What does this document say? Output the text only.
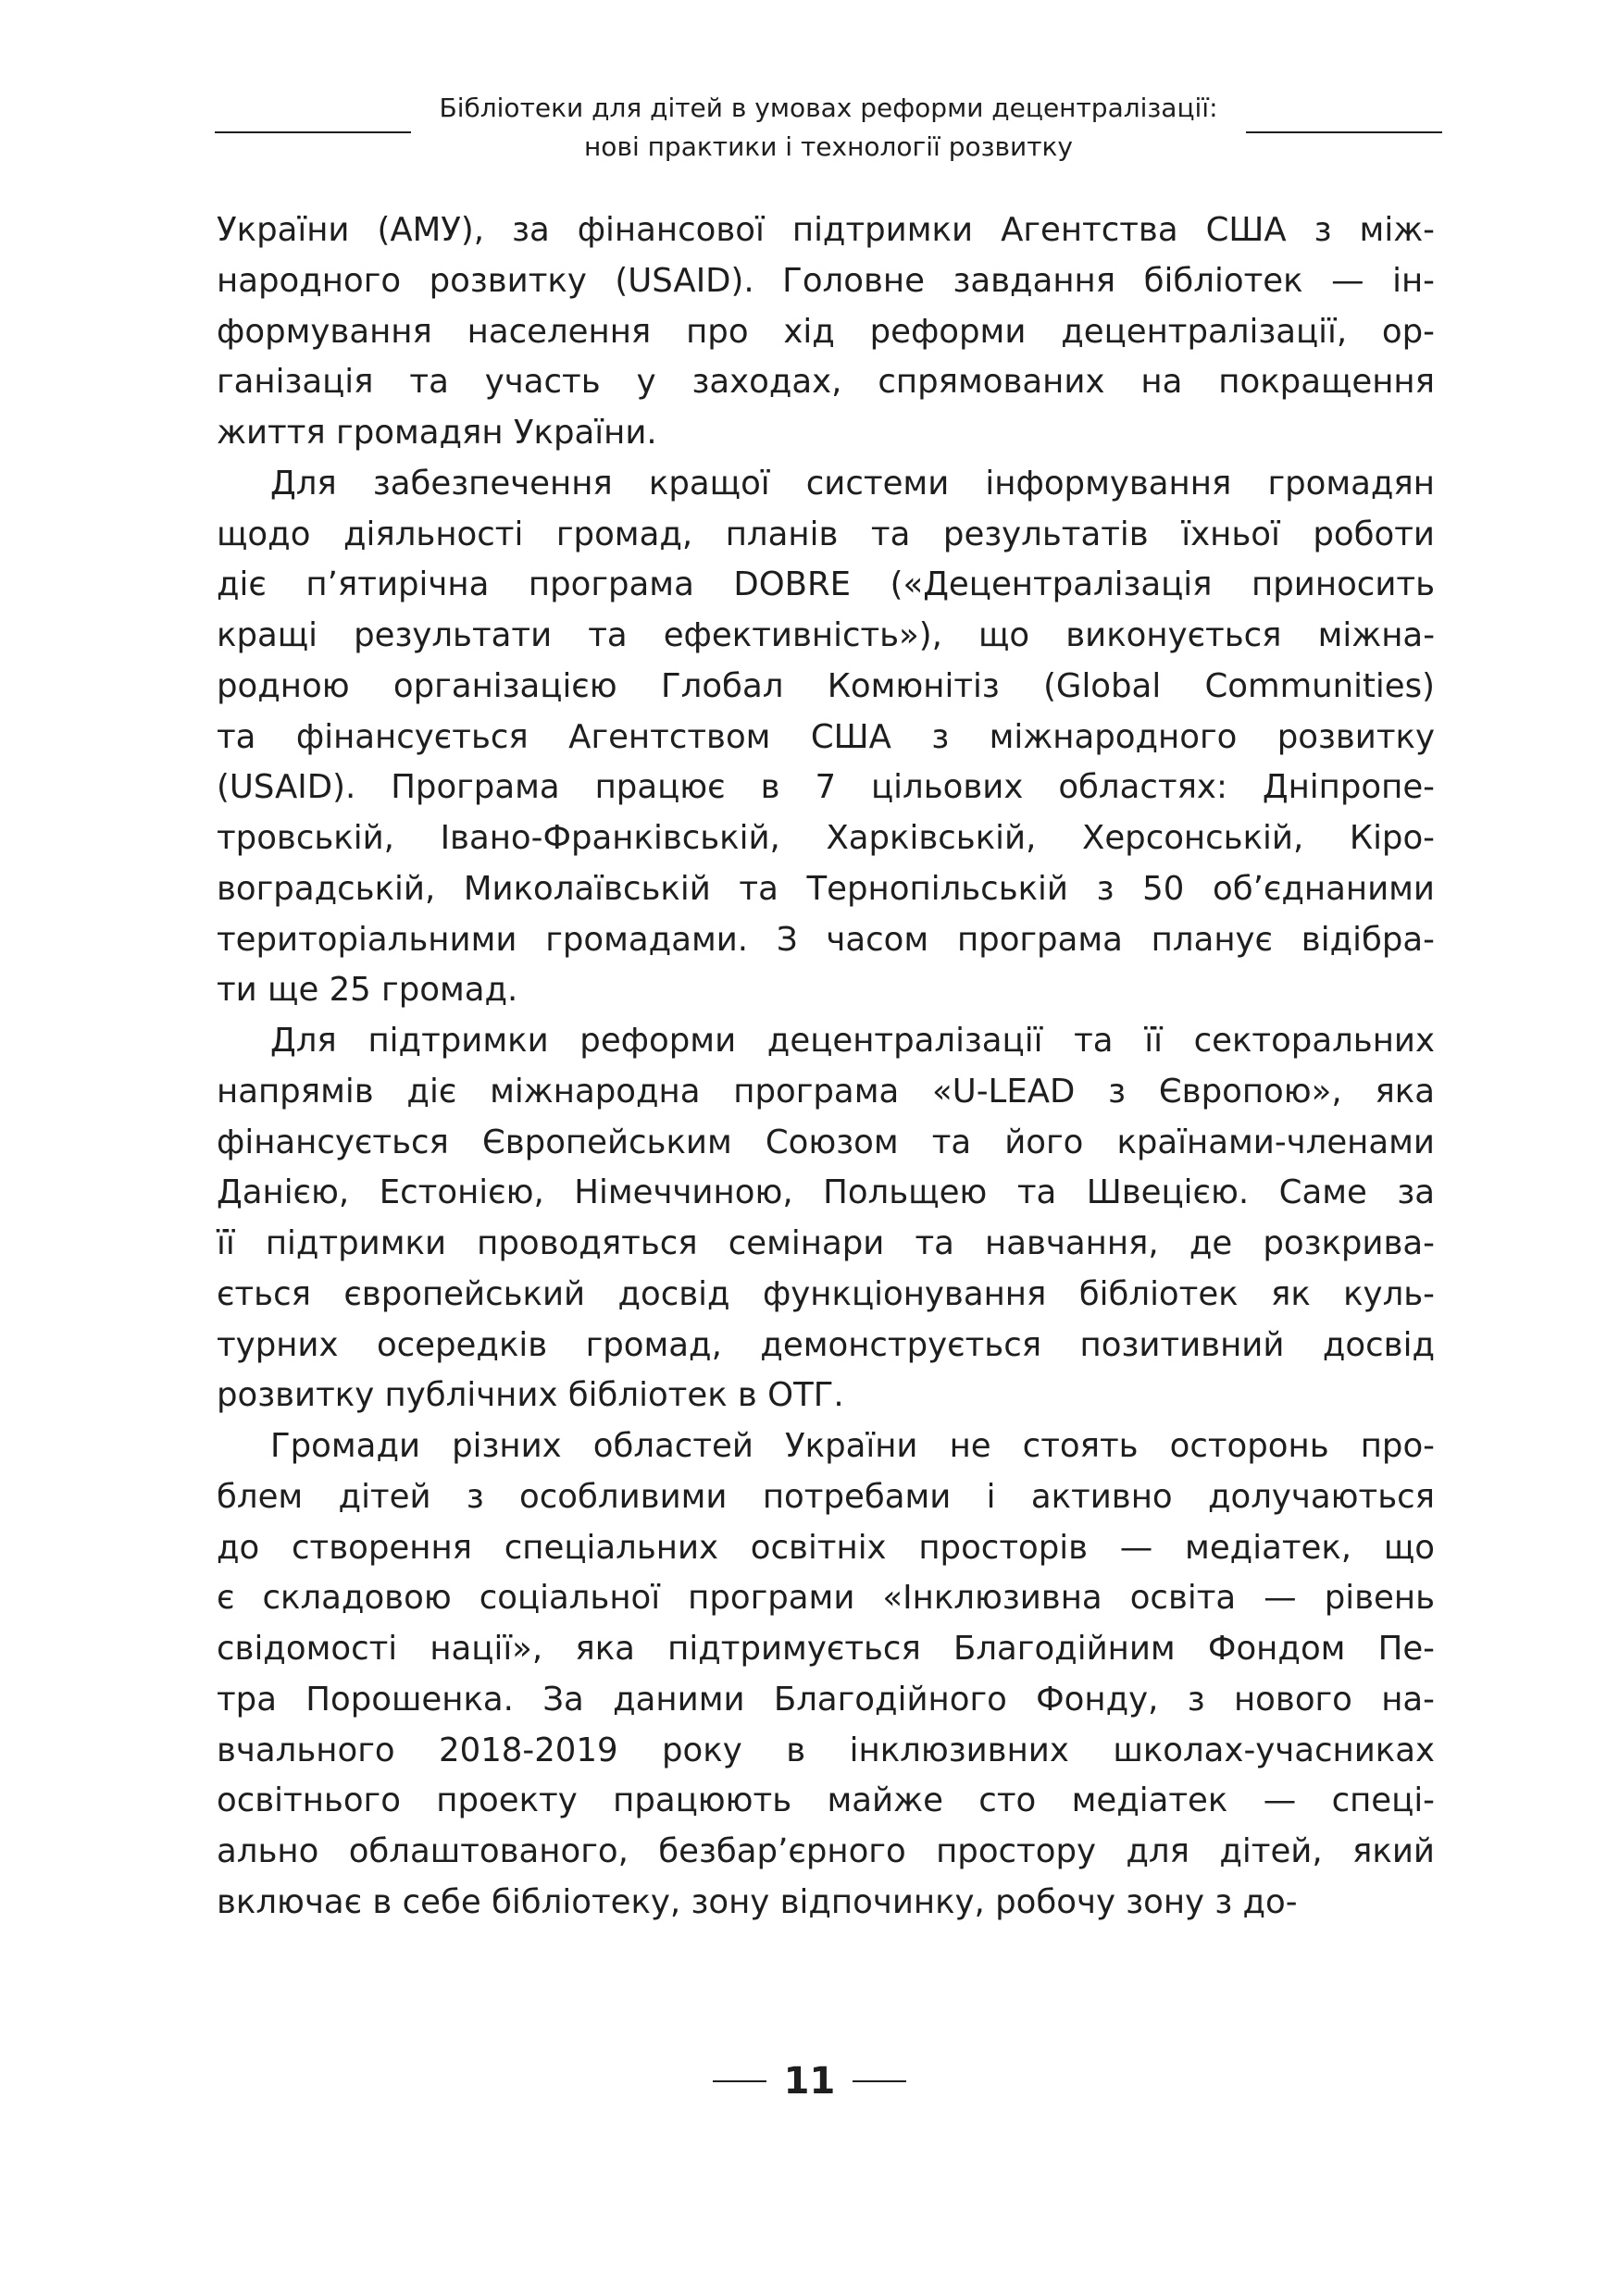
Бібліотеки для дітей в умовах реформи децентралізації:
нові практики і технології розвитку
України (АМУ), за фінансової підтримки Агентства США з між-
народного розвитку (USAID). Головне завдання бібліотек — ін-
формування населення про хід реформи децентралізації, ор-
ганізація та участь у заходах, спрямованих на покращення
життя громадян України.
Для забезпечення кращої системи інформування громадян
щодо діяльності громад, планів та результатів їхньої роботи
діє п’ятирічна програма DOBRE («Децентралізація приносить
кращі результати та ефективність»), що виконується міжна-
родною організацією Глобал Комюнітіз (Global Communities)
та фінансується Агентством США з міжнародного розвитку
(USAID). Програма працює в 7 цільових областях: Дніпропе-
тровській, Івано-Франківській, Харківській, Херсонській, Кіро-
воградській, Миколаївській та Тернопільській з 50 об’єднаними
територіальними громадами. З часом програма планує відібра-
ти ще 25 громад.
Для підтримки реформи децентралізації та її секторальних
напрямів діє міжнародна програма «U-LEAD з Європою», яка
фінансується Європейським Союзом та його країнами-членами
Данією, Естонією, Німеччиною, Польщею та Швецією. Саме за
її підтримки проводяться семінари та навчання, де розкрива-
ється європейський досвід функціонування бібліотек як куль-
турних осередків громад, демонструється позитивний досвід
розвитку публічних бібліотек в ОТГ.
Громади різних областей України не стоять осторонь про-
блем дітей з особливими потребами і активно долучаються
до створення спеціальних освітніх просторів — медіатек, що
є складовою соціальної програми «Інклюзивна освіта — рівень
свідомості нації», яка підтримується Благодійним Фондом Пе-
тра Порошенка. За даними Благодійного Фонду, з нового на-
вчального 2018-2019 року в інклюзивних школах-учасниках
освітнього проекту працюють майже сто медіатек — спеці-
ально облаштованого, безбар’єрного простору для дітей, який
включає в себе бібліотеку, зону відпочинку, робочу зону з до-
11
